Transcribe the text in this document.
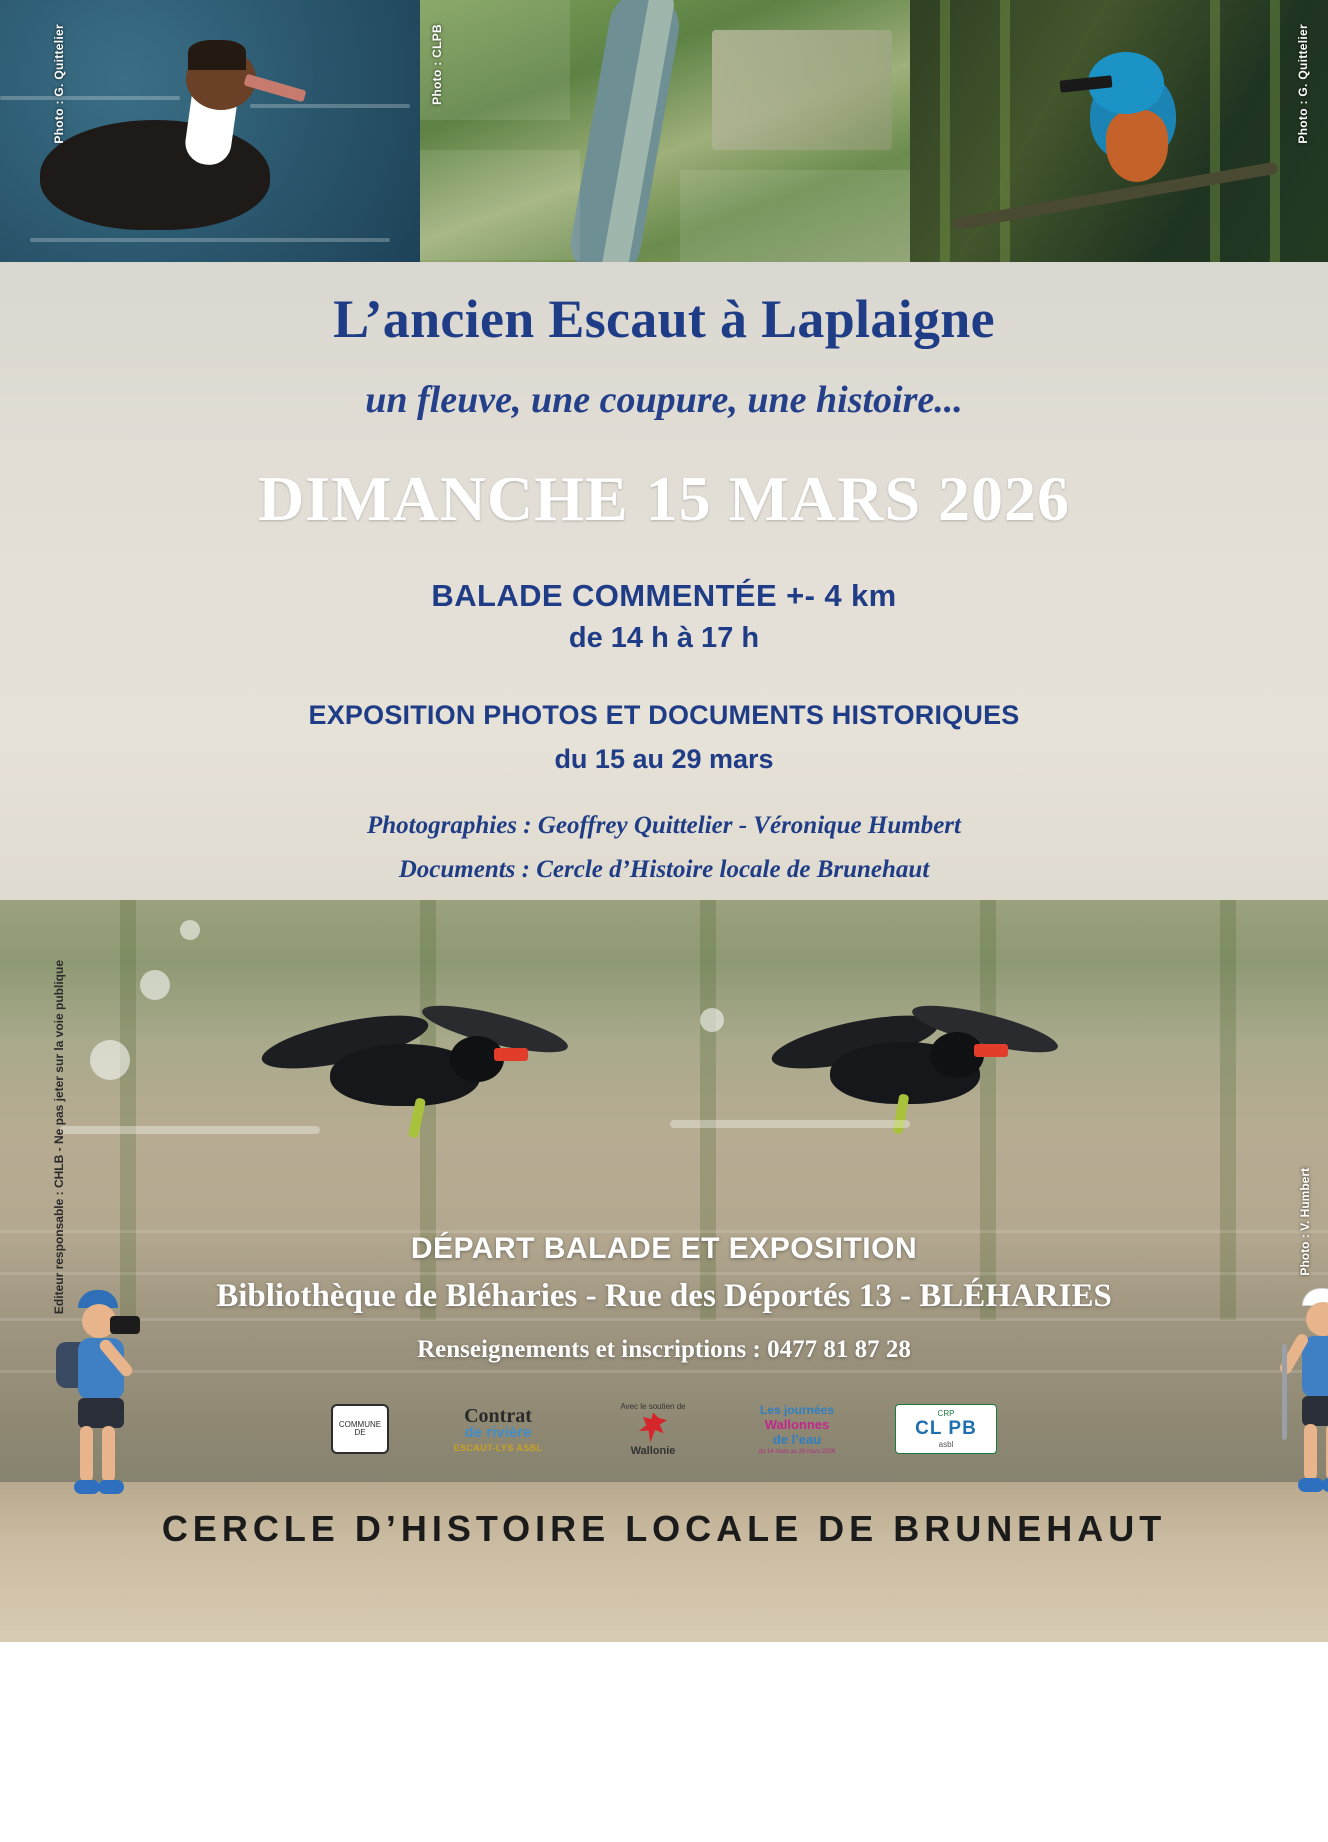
Photo : G. Quittelier	Photo : CLPB	Photo : G. Quittelier
L’ancien Escaut à Laplaigne
un fleuve, une coupure, une histoire...
DIMANCHE 15 MARS 2026
BALADE COMMENTÉE +- 4 km
de 14 h à 17 h
EXPOSITION PHOTOS ET DOCUMENTS HISTORIQUES
du 15 au 29 mars
Photographies : Geoffrey Quittelier - Véronique Humbert
Documents : Cercle d’Histoire locale de Brunehaut
Editeur responsable : CHLB - Ne pas jeter sur la voie publique	Photo : V. Humbert
DÉPART BALADE ET EXPOSITION
Bibliothèque de Bléharies - Rue des Déportés 13 - BLÉHARIES
Renseignements et inscriptions : 0477 81 87 28
COMMUNE DE
Contrat
de rivière
ESCAUT-LYS ASBL
Avec le soutien de
Wallonie
Les journées
Wallonnes
de l’eau
du 14 mars au 29 mars 2026
CRP
CL PB
asbl
CERCLE D’HISTOIRE LOCALE DE BRUNEHAUT
